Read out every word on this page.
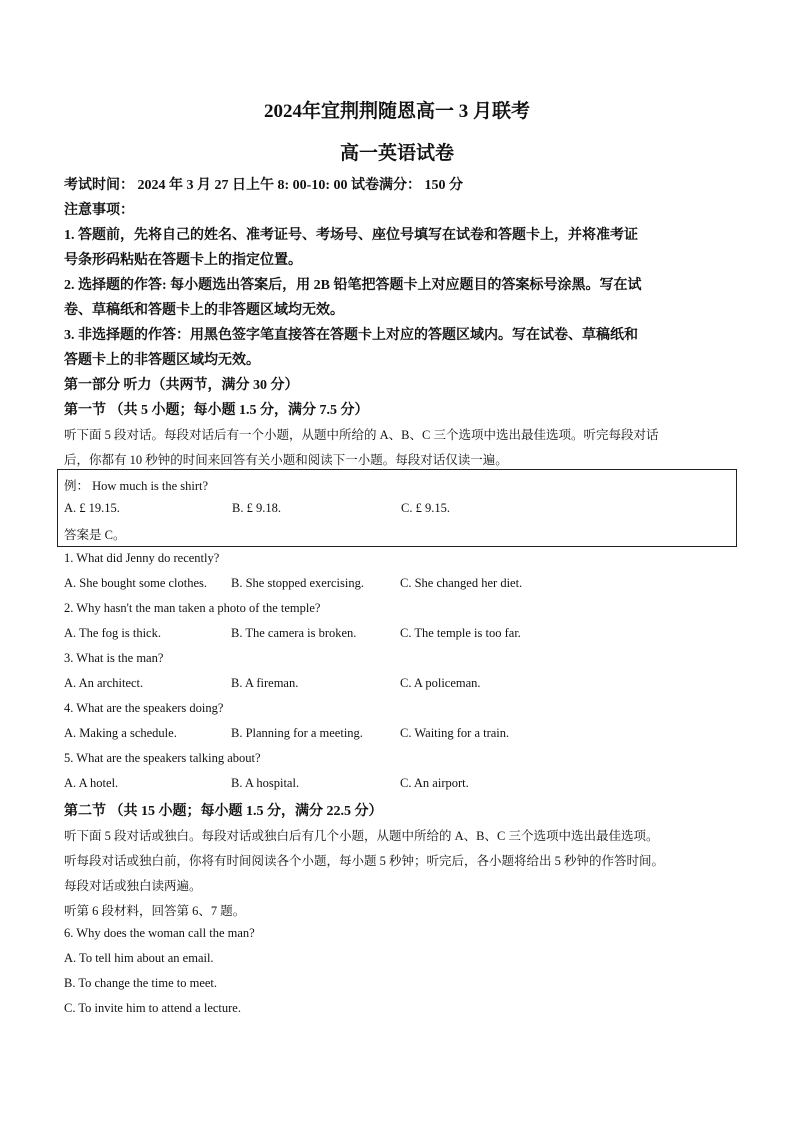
2024年宜荆荆随恩高一 3 月联考
高一英语试卷
考试时间： 2024 年 3 月 27 日上午 8: 00-10: 00 试卷满分： 150 分
注意事项：
1. 答题前，先将自己的姓名、准考证号、考场号、座位号填写在试卷和答题卡上，并将准考证
号条形码粘贴在答题卡上的指定位置。
2. 选择题的作答: 每小题选出答案后，用 2B 铅笔把答题卡上对应题目的答案标号涂黑。写在试
卷、草稿纸和答题卡上的非答题区域均无效。
3. 非选择题的作答：用黑色签字笔直接答在答题卡上对应的答题区域内。写在试卷、草稿纸和
答题卡上的非答题区域均无效。
第一部分 听力（共两节，满分 30 分）
第一节 （共 5 小题；每小题 1.5 分，满分 7.5 分）
听下面 5 段对话。每段对话后有一个小题，从题中所给的 A、B、C 三个选项中选出最佳选项。听完每段对话
后，你都有 10 秒钟的时间来回答有关小题和阅读下一小题。每段对话仅读一遍。
例： How much is the shirt?
A. £ 19.15.	B. £ 9.18.	C. £ 9.15.
答案是 C。
1. What did Jenny do recently?
A. She bought some clothes. B. She stopped exercising.	C. She changed her diet.
2. Why hasn't the man taken a photo of the temple?
A. The fog is thick.	B. The camera is broken.	C. The temple is too far.
3. What is the man?
A. An architect.	B. A fireman.	C. A policeman.
4. What are the speakers doing?
A. Making a schedule.	B. Planning for a meeting.	C. Waiting for a train.
5. What are the speakers talking about?
A. A hotel.	B. A hospital.	C. An airport.
第二节 （共 15 小题；每小题 1.5 分，满分 22.5 分）
听下面 5 段对话或独白。每段对话或独白后有几个小题，从题中所给的 A、B、C 三个选项中选出最佳选项。
听每段对话或独白前，你将有时间阅读各个小题，每小题 5 秒钟；听完后，各小题将给出 5 秒钟的作答时间。
每段对话或独白读两遍。
听第 6 段材料，回答第 6、7 题。
6. Why does the woman call the man?
A. To tell him about an email.
B. To change the time to meet.
C. To invite him to attend a lecture.
